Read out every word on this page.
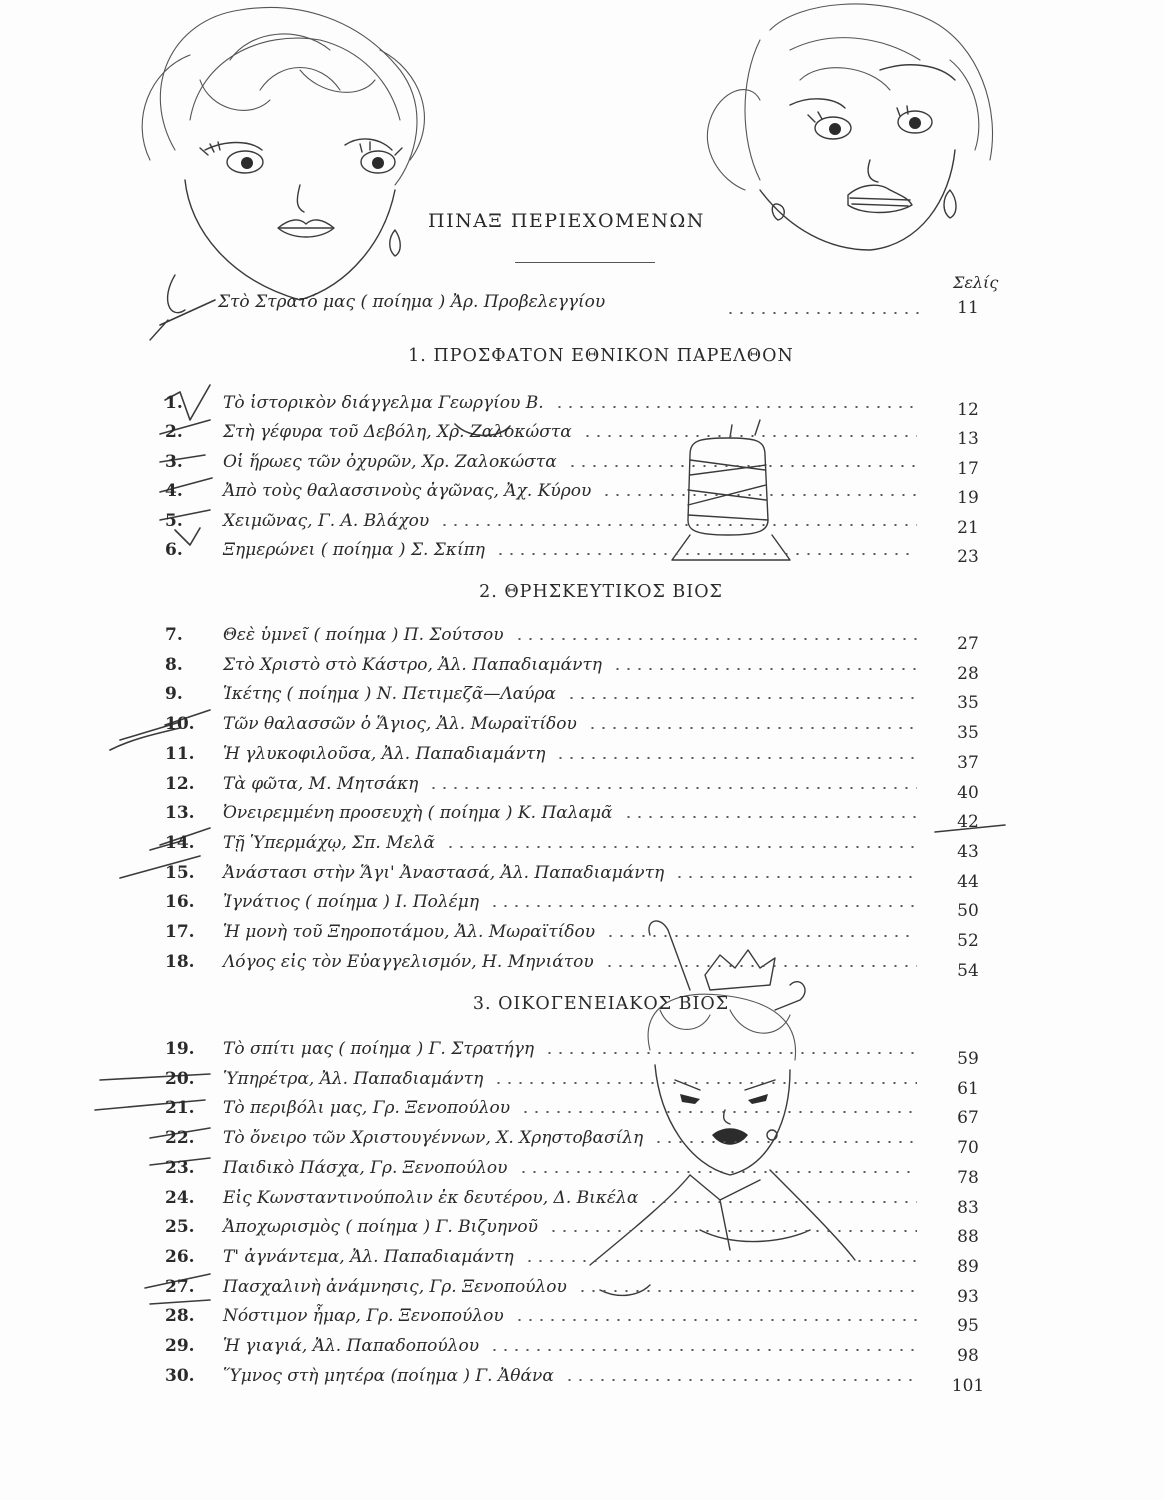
ΠΙΝΑΞ ΠΕΡΙΕΧΟΜΕΝΩΝ
Σελίς
Στὸ Στρατό μας ( ποίημα ) Ἀρ. Προβελεγγίου	11
1. ΠΡΟΣΦΑΤΟΝ ΕΘΝΙΚΟΝ ΠΑΡΕΛΘΟΝ
2. ΘΡΗΣΚΕΥΤΙΚΟΣ ΒΙΟΣ
3. ΟΙΚΟΓΕΝΕΙΑΚΟΣ ΒΙΟΣ
1.	Τὸ ἱστορικὸν διάγγελμα Γεωργίου Β.	12
2.	Στὴ γέφυρα τοῦ Δεβόλη, Χρ. Ζαλοκώστα	13
3.	Οἱ ἥρωες τῶν ὀχυρῶν, Χρ. Ζαλοκώστα	17
4.	Ἀπὸ τοὺς θαλασσινοὺς ἀγῶνας, Ἀχ. Κύρου	19
5.	Χειμῶνας, Γ. Α. Βλάχου	21
6.	Ξημερώνει ( ποίημα ) Σ. Σκίπη	23
7.	Θεὲ ὑμνεῖ ( ποίημα ) Π. Σούτσου	27
8.	Στὸ Χριστὸ στὸ Κάστρο, Ἀλ. Παπαδιαμάντη	28
9.	Ἱκέτης ( ποίημα ) Ν. Πετιμεζᾶ—Λαύρα	35
10.	Τῶν θαλασσῶν ὁ Ἅγιος, Ἀλ. Μωραϊτίδου	35
11.	Ἡ γλυκοφιλοῦσα, Ἀλ. Παπαδιαμάντη	37
12.	Τὰ φῶτα, Μ. Μητσάκη	40
13.	Ὀνειρεμμένη προσευχὴ ( ποίημα ) Κ. Παλαμᾶ	42
14.	Τῇ Ὑπερμάχῳ, Σπ. Μελᾶ	43
15.	Ἀνάστασι στὴν Ἅγι' Ἀναστασά, Ἀλ. Παπαδιαμάντη	44
16.	Ἰγνάτιος ( ποίημα ) Ι. Πολέμη	50
17.	Ἡ μονὴ τοῦ Ξηροποτάμου, Ἀλ. Μωραϊτίδου	52
18.	Λόγος εἰς τὸν Εὐαγγελισμόν, Η. Μηνιάτου	54
19.	Τὸ σπίτι μας ( ποίημα ) Γ. Στρατήγη	59
20.	Ὑπηρέτρα, Ἀλ. Παπαδιαμάντη	61
21.	Τὸ περιβόλι μας, Γρ. Ξενοπούλου	67
22.	Τὸ ὄνειρο τῶν Χριστουγέννων, Χ. Χρηστοβασίλη	70
23.	Παιδικὸ Πάσχα, Γρ. Ξενοπούλου	78
24.	Εἰς Κωνσταντινούπολιν ἐκ δευτέρου, Δ. Βικέλα	83
25.	Ἀποχωρισμὸς ( ποίημα ) Γ. Βιζυηνοῦ	88
26.	Τ' ἀγνάντεμα, Ἀλ. Παπαδιαμάντη	89
27.	Πασχαλινὴ ἀνάμνησις, Γρ. Ξενοπούλου	93
28.	Νόστιμον ἦμαρ, Γρ. Ξενοπούλου	95
29.	Ἡ γιαγιά, Ἀλ. Παπαδοπούλου	98
30.	Ὕμνος στὴ μητέρα (ποίημα ) Γ. Ἀθάνα	101
